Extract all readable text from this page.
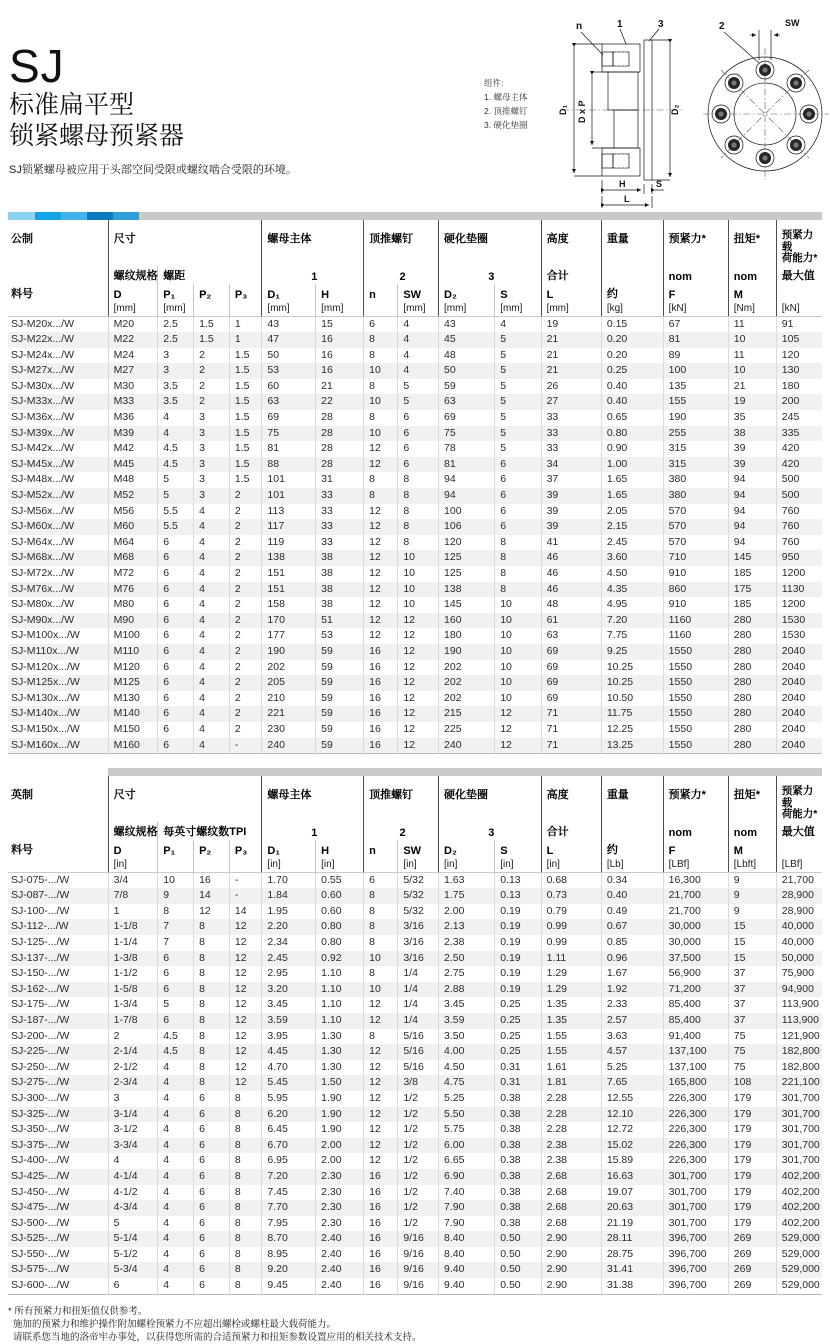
SJ
标准扁平型
锁紧螺母预紧器
SJ锁紧螺母被应用于头部空间受限或螺纹啮合受限的环境。
组件:
1. 螺母主体
2. 顶推螺钉
3. 硬化垫圈
D₁ D x P	D₂
H	S
L
n	1	3	2	SW
公制	尺寸				螺母主体		顶推螺钉		硬化垫圈		高度	重量	预紧力*	扭矩*	预紧力载
荷能力*
	螺纹规格	螺距			1		2		3		合计		nom	nom	最大值
料号	D	P₁	P₂	P₃	D₁	H	n	SW	D₂	S	L	约	F	M	
	[mm]	[mm]			[mm]	[mm]		[mm]	[mm]	[mm]	[mm]	[kg]	[kN]	[Nm]	[kN]
SJ-M20x.../W	M20	2.5	1.5	1	43	15	6	4	43	4	19	0.15	67	11	91
SJ-M22x.../W	M22	2.5	1.5	1	47	16	8	4	45	5	21	0.20	81	10	105
SJ-M24x.../W	M24	3	2	1.5	50	16	8	4	48	5	21	0.20	89	11	120
SJ-M27x.../W	M27	3	2	1.5	53	16	10	4	50	5	21	0.25	100	10	130
SJ-M30x.../W	M30	3.5	2	1.5	60	21	8	5	59	5	26	0.40	135	21	180
SJ-M33x.../W	M33	3.5	2	1.5	63	22	10	5	63	5	27	0.40	155	19	200
SJ-M36x.../W	M36	4	3	1.5	69	28	8	6	69	5	33	0.65	190	35	245
SJ-M39x.../W	M39	4	3	1.5	75	28	10	6	75	5	33	0.80	255	38	335
SJ-M42x.../W	M42	4.5	3	1.5	81	28	12	6	78	5	33	0.90	315	39	420
SJ-M45x.../W	M45	4.5	3	1.5	88	28	12	6	81	6	34	1.00	315	39	420
SJ-M48x.../W	M48	5	3	1.5	101	31	8	8	94	6	37	1.65	380	94	500
SJ-M52x.../W	M52	5	3	2	101	33	8	8	94	6	39	1.65	380	94	500
SJ-M56x.../W	M56	5.5	4	2	113	33	12	8	100	6	39	2.05	570	94	760
SJ-M60x.../W	M60	5.5	4	2	117	33	12	8	106	6	39	2.15	570	94	760
SJ-M64x.../W	M64	6	4	2	119	33	12	8	120	8	41	2.45	570	94	760
SJ-M68x.../W	M68	6	4	2	138	38	12	10	125	8	46	3.60	710	145	950
SJ-M72x.../W	M72	6	4	2	151	38	12	10	125	8	46	4.50	910	185	1200
SJ-M76x.../W	M76	6	4	2	151	38	12	10	138	8	46	4.35	860	175	1130
SJ-M80x.../W	M80	6	4	2	158	38	12	10	145	10	48	4.95	910	185	1200
SJ-M90x.../W	M90	6	4	2	170	51	12	12	160	10	61	7.20	1160	280	1530
SJ-M100x.../W	M100	6	4	2	177	53	12	12	180	10	63	7.75	1160	280	1530
SJ-M110x.../W	M110	6	4	2	190	59	16	12	190	10	69	9.25	1550	280	2040
SJ-M120x.../W	M120	6	4	2	202	59	16	12	202	10	69	10.25	1550	280	2040
SJ-M125x.../W	M125	6	4	2	205	59	16	12	202	10	69	10.25	1550	280	2040
SJ-M130x.../W	M130	6	4	2	210	59	16	12	202	10	69	10.50	1550	280	2040
SJ-M140x.../W	M140	6	4	2	221	59	16	12	215	12	71	11.75	1550	280	2040
SJ-M150x.../W	M150	6	4	2	230	59	16	12	225	12	71	12.25	1550	280	2040
SJ-M160x.../W	M160	6	4	-	240	59	16	12	240	12	71	13.25	1550	280	2040
英制	尺寸				螺母主体		顶推螺钉		硬化垫圈		高度	重量	预紧力*	扭矩*	预紧力载
荷能力*
	螺纹规格	每英寸螺纹数TPI			1		2		3		合计		nom	nom	最大值
料号	D	P₁	P₂	P₃	D₁	H	n	SW	D₂	S	L	约	F	M	
	[in]				[in]	[in]		[in]	[in]	[in]	[in]	[Lb]	[LBf]	[Lbft]	[LBf]
SJ-075-.../W	3/4	10	16	-	1.70	0.55	6	5/32	1.63	0.13	0.68	0.34	16,300	9	21,700
SJ-087-.../W	7/8	9	14	-	1.84	0.60	8	5/32	1.75	0.13	0.73	0.40	21,700	9	28,900
SJ-100-.../W	1	8	12	14	1.95	0.60	8	5/32	2.00	0.19	0.79	0.49	21,700	9	28,900
SJ-112-.../W	1-1/8	7	8	12	2.20	0.80	8	3/16	2.13	0.19	0.99	0.67	30,000	15	40,000
SJ-125-.../W	1-1/4	7	8	12	2.34	0.80	8	3/16	2.38	0.19	0.99	0.85	30,000	15	40,000
SJ-137-.../W	1-3/8	6	8	12	2.45	0.92	10	3/16	2.50	0.19	1.11	0.96	37,500	15	50,000
SJ-150-.../W	1-1/2	6	8	12	2.95	1.10	8	1/4	2.75	0.19	1.29	1.67	56,900	37	75,900
SJ-162-.../W	1-5/8	6	8	12	3.20	1.10	10	1/4	2.88	0.19	1.29	1.92	71,200	37	94,900
SJ-175-.../W	1-3/4	5	8	12	3.45	1.10	12	1/4	3.45	0.25	1.35	2.33	85,400	37	113,900
SJ-187-.../W	1-7/8	6	8	12	3.59	1.10	12	1/4	3.59	0.25	1.35	2.57	85,400	37	113,900
SJ-200-.../W	2	4.5	8	12	3.95	1.30	8	5/16	3.50	0.25	1.55	3.63	91,400	75	121,900
SJ-225-.../W	2-1/4	4.5	8	12	4.45	1.30	12	5/16	4.00	0.25	1.55	4.57	137,100	75	182,800
SJ-250-.../W	2-1/2	4	8	12	4.70	1.30	12	5/16	4.50	0.31	1.61	5.25	137,100	75	182,800
SJ-275-.../W	2-3/4	4	8	12	5.45	1.50	12	3/8	4.75	0.31	1.81	7.65	165,800	108	221,100
SJ-300-.../W	3	4	6	8	5.95	1.90	12	1/2	5.25	0.38	2.28	12.55	226,300	179	301,700
SJ-325-.../W	3-1/4	4	6	8	6.20	1.90	12	1/2	5.50	0.38	2.28	12.10	226,300	179	301,700
SJ-350-.../W	3-1/2	4	6	8	6.45	1.90	12	1/2	5.75	0.38	2.28	12.72	226,300	179	301,700
SJ-375-.../W	3-3/4	4	6	8	6.70	2.00	12	1/2	6.00	0.38	2.38	15.02	226,300	179	301,700
SJ-400-.../W	4	4	6	8	6.95	2.00	12	1/2	6.65	0.38	2.38	15.89	226,300	179	301,700
SJ-425-.../W	4-1/4	4	6	8	7.20	2.30	16	1/2	6.90	0.38	2.68	16.63	301,700	179	402,200
SJ-450-.../W	4-1/2	4	6	8	7.45	2.30	16	1/2	7.40	0.38	2.68	19.07	301,700	179	402,200
SJ-475-.../W	4-3/4	4	6	8	7.70	2.30	16	1/2	7.90	0.38	2.68	20.63	301,700	179	402,200
SJ-500-.../W	5	4	6	8	7.95	2.30	16	1/2	7.90	0.38	2.68	21.19	301,700	179	402,200
SJ-525-.../W	5-1/4	4	6	8	8.70	2.40	16	9/16	8.40	0.50	2.90	28.11	396,700	269	529,000
SJ-550-.../W	5-1/2	4	6	8	8.95	2.40	16	9/16	8.40	0.50	2.90	28.75	396,700	269	529,000
SJ-575-.../W	5-3/4	4	6	8	9.20	2.40	16	9/16	9.40	0.50	2.90	31.41	396,700	269	529,000
SJ-600-.../W	6	4	6	8	9.45	2.40	16	9/16	9.40	0.50	2.90	31.38	396,700	269	529,000
* 所有预紧力和扭矩值仅供参考。
施加的预紧力和维护操作附加螺栓预紧力不应超出螺栓或螺柱最大载荷能力。
请联系您当地的洛帝牢办事处，以获得您所需的合适预紧力和扭矩参数设置应用的相关技术支持。
